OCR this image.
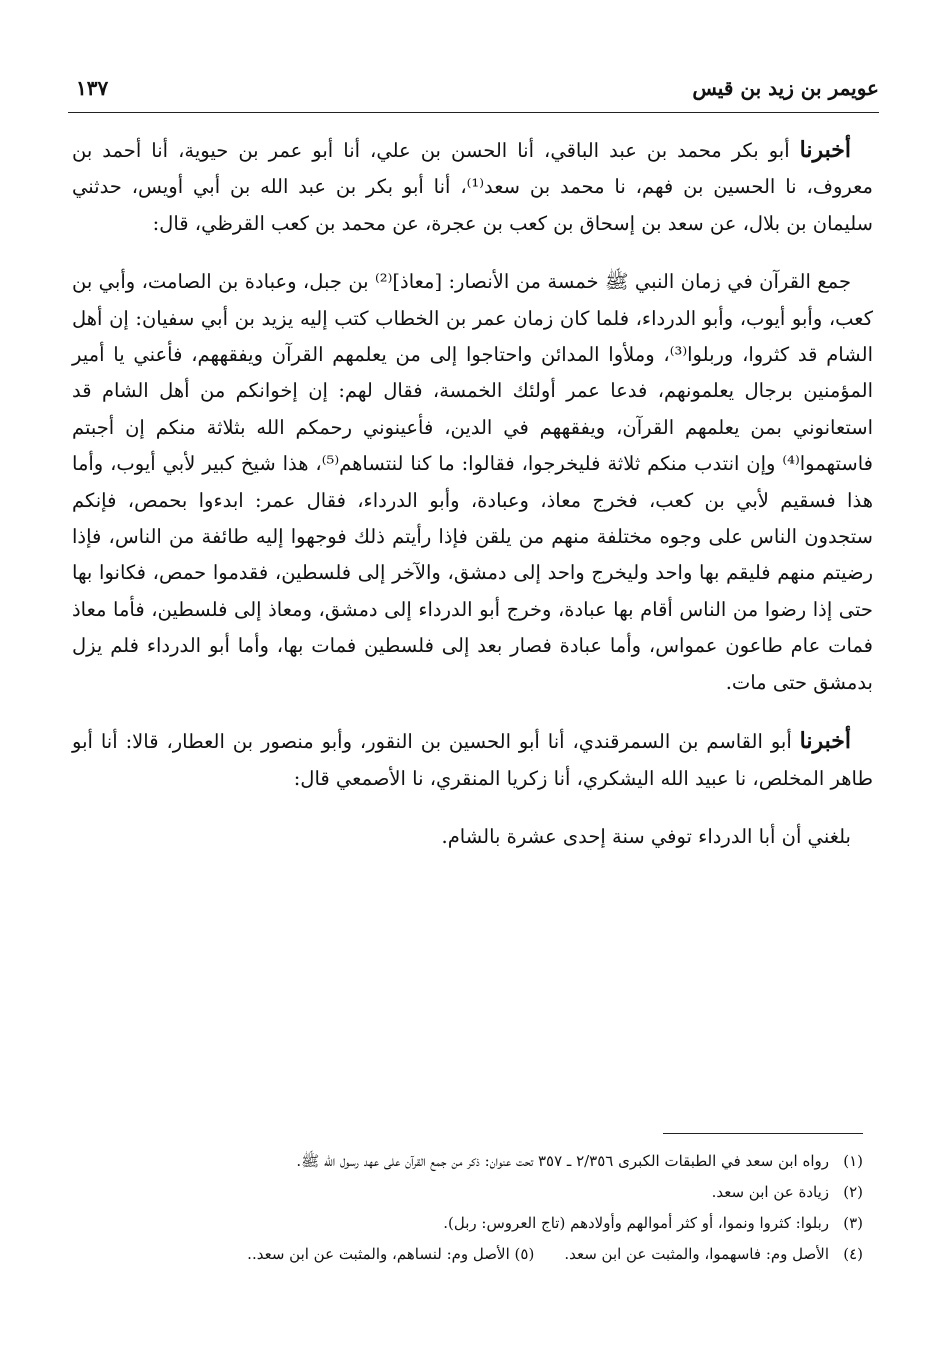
عويمر بن زيد بن قيس
١٣٧

أخبرنا أبو بكر محمد بن عبد الباقي، أنا الحسن بن علي، أنا أبو عمر بن حيوية، أنا أحمد بن معروف، نا الحسين بن فهم، نا محمد بن سعد⁽¹⁾، أنا أبو بكر بن عبد الله بن أبي أويس، حدثني سليمان بن بلال، عن سعد بن إسحاق بن كعب بن عجرة، عن محمد بن كعب القرظي، قال:

جمع القرآن في زمان النبي ﷺ خمسة من الأنصار: [معاذ]⁽²⁾ بن جبل، وعبادة بن الصامت، وأبي بن كعب، وأبو أيوب، وأبو الدرداء، فلما كان زمان عمر بن الخطاب كتب إليه يزيد بن أبي سفيان: إن أهل الشام قد كثروا، وربلوا⁽³⁾، وملأوا المدائن واحتاجوا إلى من يعلمهم القرآن ويفقههم، فأعني يا أمير المؤمنين برجال يعلمونهم، فدعا عمر أولئك الخمسة، فقال لهم: إن إخوانكم من أهل الشام قد استعانوني بمن يعلمهم القرآن، ويفقههم في الدين، فأعينوني رحمكم الله بثلاثة منكم إن أجبتم فاستهموا⁽⁴⁾ وإن انتدب منكم ثلاثة فليخرجوا، فقالوا: ما كنا لنتساهم⁽⁵⁾، هذا شيخ كبير لأبي أيوب، وأما هذا فسقيم لأبي بن كعب، فخرج معاذ، وعبادة، وأبو الدرداء، فقال عمر: ابدءوا بحمص، فإنكم ستجدون الناس على وجوه مختلفة منهم من يلقن فإذا رأيتم ذلك فوجهوا إليه طائفة من الناس، فإذا رضيتم منهم فليقم بها واحد وليخرج واحد إلى دمشق، والآخر إلى فلسطين، فقدموا حمص، فكانوا بها حتى إذا رضوا من الناس أقام بها عبادة، وخرج أبو الدرداء إلى دمشق، ومعاذ إلى فلسطين، فأما معاذ فمات عام طاعون عمواس، وأما عبادة فصار بعد إلى فلسطين فمات بها، وأما أبو الدرداء فلم يزل بدمشق حتى مات.

أخبرنا أبو القاسم بن السمرقندي، أنا أبو الحسين بن النقور، وأبو منصور بن العطار، قالا: أنا أبو طاهر المخلص، نا عبيد الله اليشكري، أنا زكريا المنقري، نا الأصمعي قال:

بلغني أن أبا الدرداء توفي سنة إحدى عشرة بالشام.

(١)رواه ابن سعد في الطبقات الكبرى ٢/٣٥٦ ـ ٣٥٧ تحت عنوان: ذكر من جمع القرآن على عهد رسول الله ﷺ.

(٢)زيادة عن ابن سعد.

(٣)ربلوا: كثروا ونموا، أو كثر أموالهم وأولادهم (تاج العروس: ربل).

(٤)الأصل وم: فاسهموا، والمثبت عن ابن سعد.(٥) الأصل وم: لنساهم، والمثبت عن ابن سعد..
